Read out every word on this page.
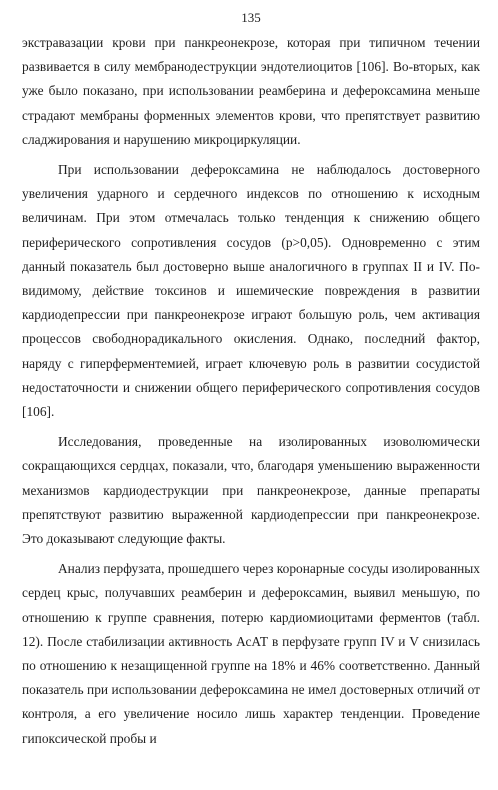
135

экстравазации крови при панкреонекрозе, которая при типичном течении развивается в силу мембранодеструкции эндотелиоцитов [106]. Во-вторых, как уже было показано, при использовании реамберина и дефероксамина меньше страдают мембраны форменных элементов крови, что препятствует развитию сладжирования и нарушению микроциркуляции.

При использовании дефероксамина не наблюдалось достоверного увеличения ударного и сердечного индексов по отношению к исходным величинам. При этом отмечалась только тенденция к снижению общего периферического сопротивления сосудов (p>0,05). Одновременно с этим данный показатель был достоверно выше аналогичного в группах II и IV. По-видимому, действие токсинов и ишемические повреждения в развитии кардиодепрессии при панкреонекрозе играют большую роль, чем активация процессов свободнорадикального окисления. Однако, последний фактор, наряду с гиперферментемией, играет ключевую роль в развитии сосудистой недостаточности и снижении общего периферического сопротивления сосудов [106].

Исследования, проведенные на изолированных изоволюмически сокращающихся сердцах, показали, что, благодаря уменьшению выраженности механизмов кардиодеструкции при панкреонекрозе, данные препараты препятствуют развитию выраженной кардиодепрессии при панкреонекрозе. Это доказывают следующие факты.

Анализ перфузата, прошедшего через коронарные сосуды изолированных сердец крыс, получавших реамберин и дефероксамин, выявил меньшую, по отношению к группе сравнения, потерю кардиомиоцитами ферментов (табл. 12). После стабилизации активность АсАТ в перфузате групп IV и V снизилась по отношению к незащищенной группе на 18% и 46% соответственно. Данный показатель при использовании дефероксамина не имел достоверных отличий от контроля, а его увеличение носило лишь характер тенденции. Проведение гипоксической пробы и
